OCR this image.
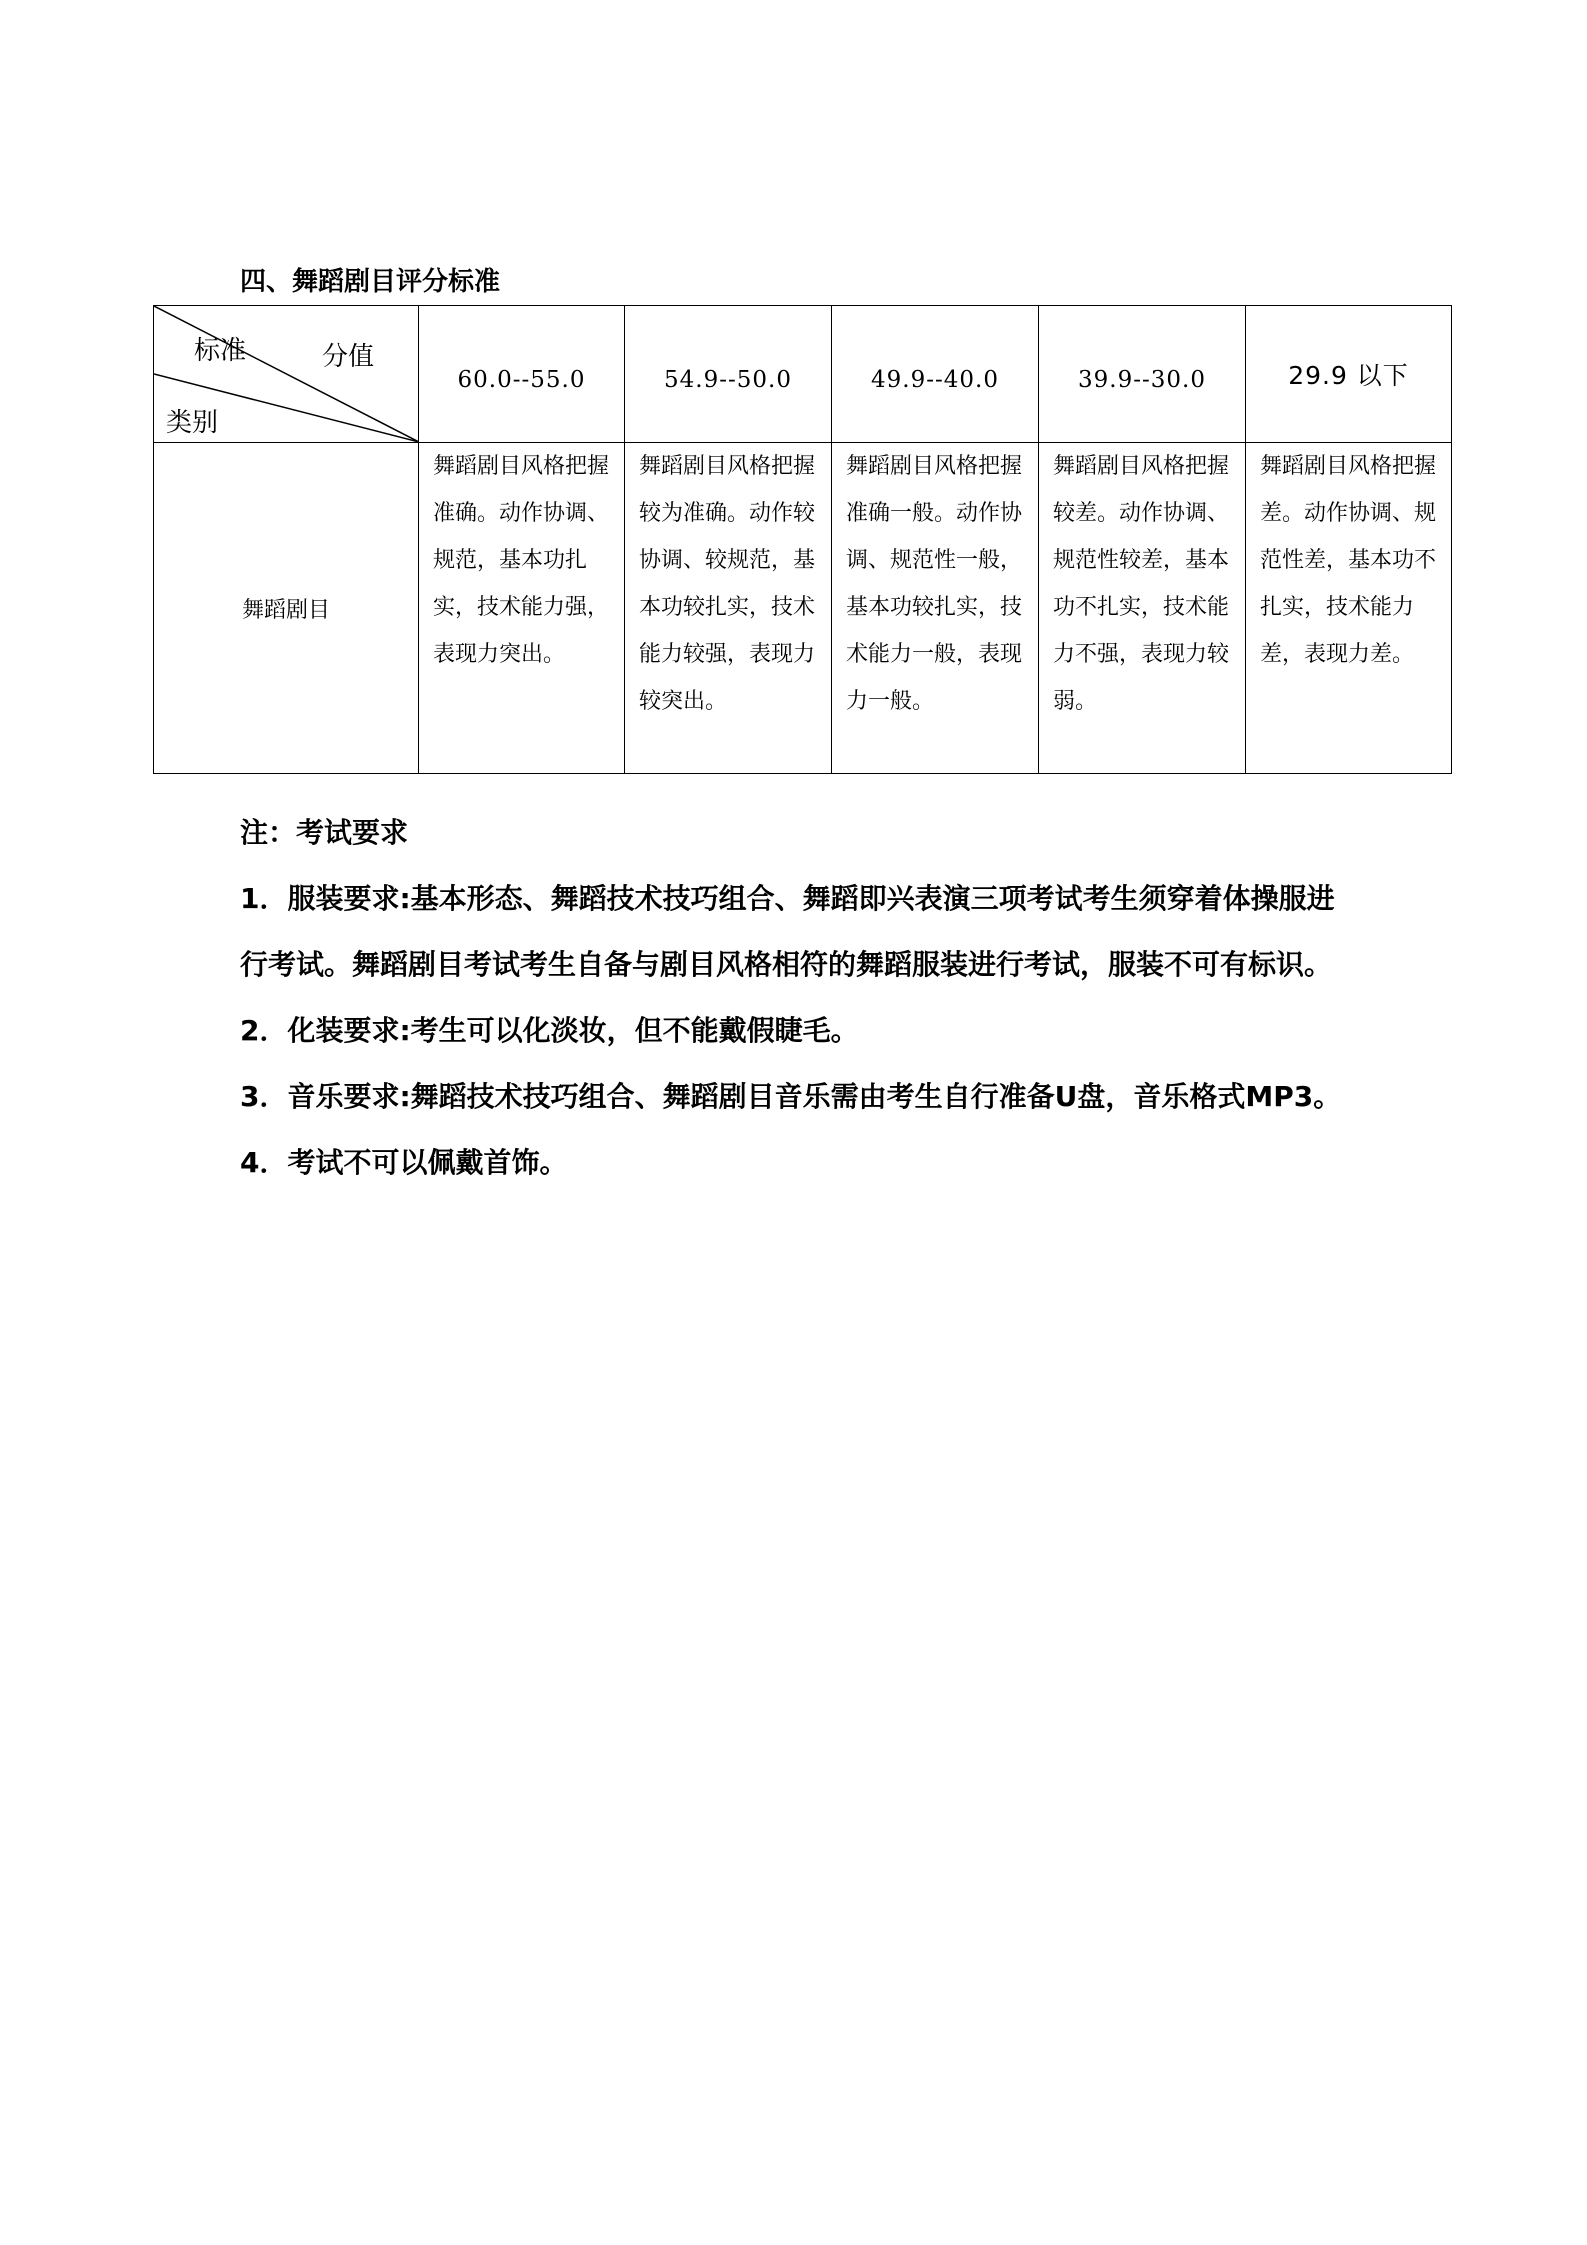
四、舞蹈剧目评分标准
标准 分值
类别	60.0--55.0	54.9--50.0	49.9--40.0	39.9--30.0	29.9 以下
舞蹈剧目	舞蹈剧目风格把握准确。动作协调、规范，基本功扎实，技术能力强，表现力突出。	舞蹈剧目风格把握较为准确。动作较协调、较规范，基本功较扎实，技术能力较强，表现力较突出。	舞蹈剧目风格把握准确一般。动作协调、规范性一般，基本功较扎实，技术能力一般，表现力一般。	舞蹈剧目风格把握较差。动作协调、规范性较差，基本功不扎实，技术能力不强，表现力较弱。	舞蹈剧目风格把握差。动作协调、规范性差，基本功不扎实，技术能力差，表现力差。

注：考试要求

1．服装要求:基本形态、舞蹈技术技巧组合、舞蹈即兴表演三项考试考生须穿着体操服进行考试。舞蹈剧目考试考生自备与剧目风格相符的舞蹈服装进行考试，服装不可有标识。

2．化装要求:考生可以化淡妆，但不能戴假睫毛。

3．音乐要求:舞蹈技术技巧组合、舞蹈剧目音乐需由考生自行准备U盘，音乐格式MP3。

4．考试不可以佩戴首饰。
